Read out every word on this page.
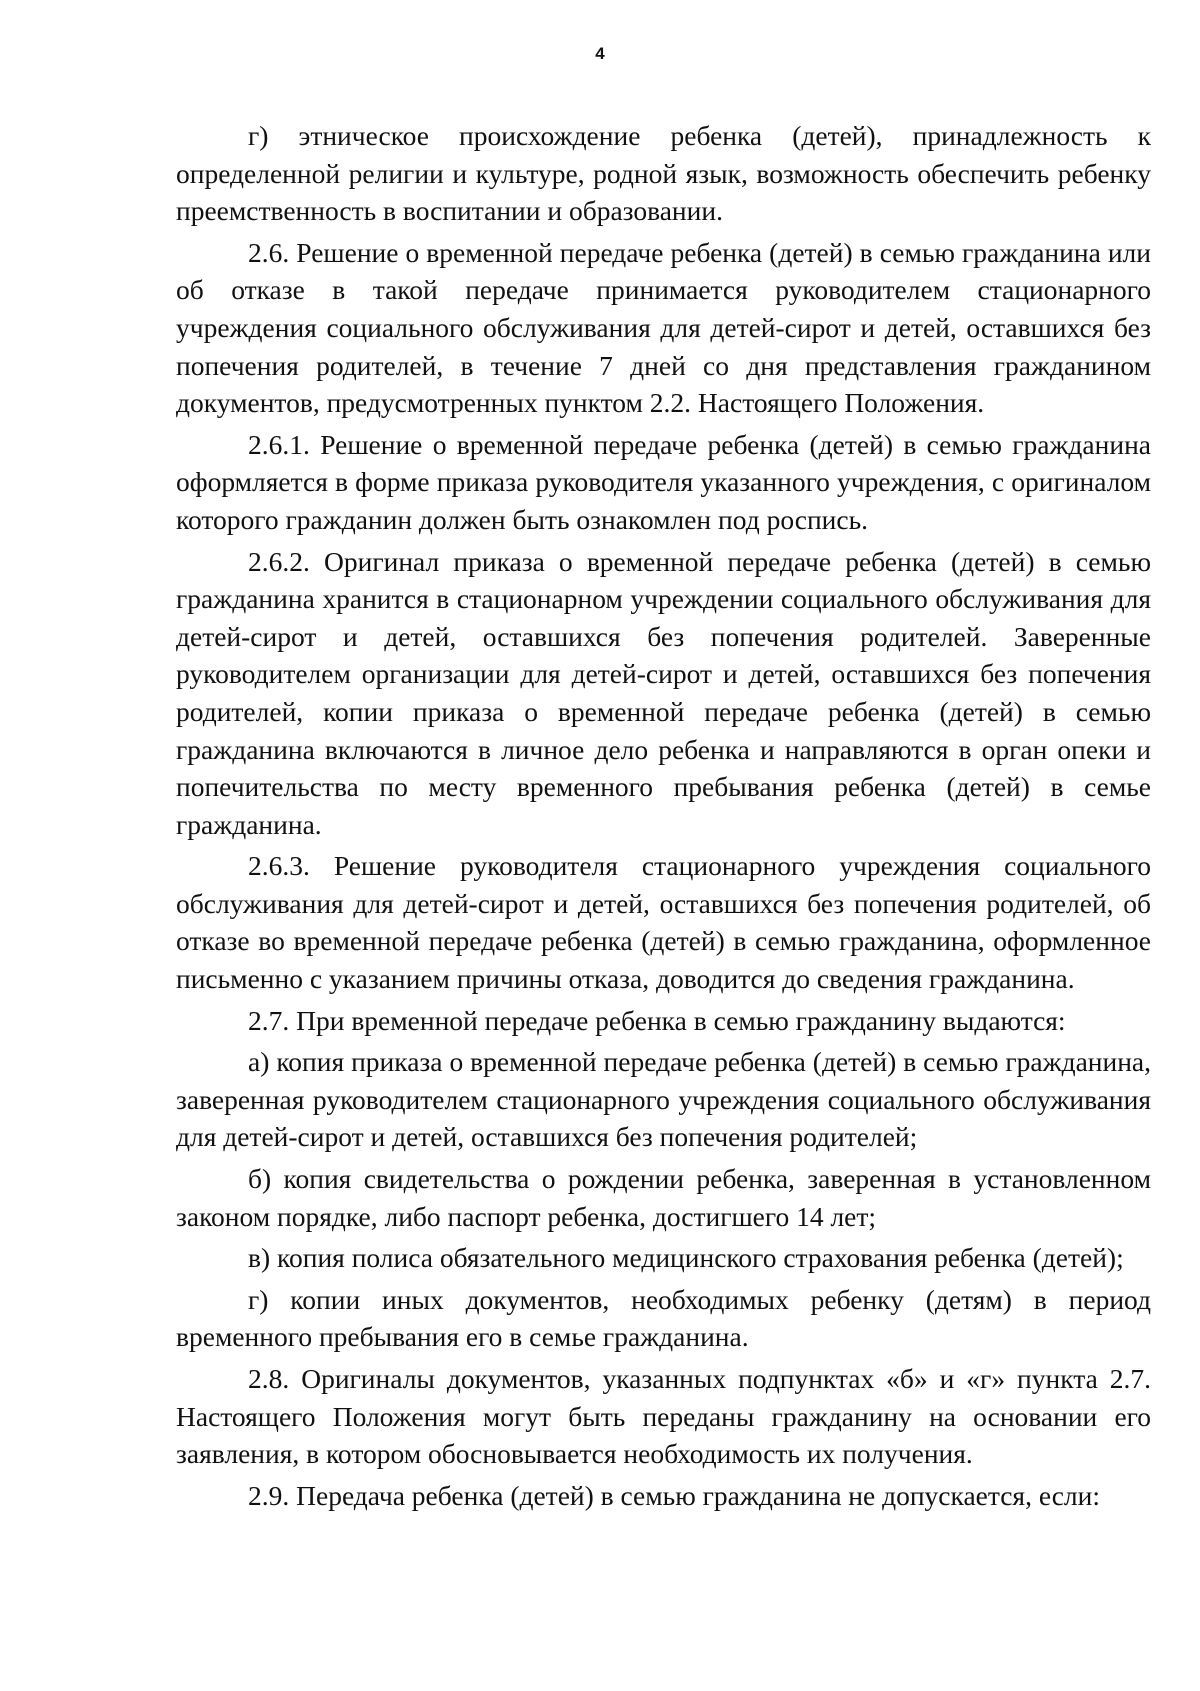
4

г) этническое происхождение ребенка (детей), принадлежность к определенной религии и культуре, родной язык, возможность обеспечить ребенку преемственность в воспитании и образовании.

2.6. Решение о временной передаче ребенка (детей) в семью гражданина или об отказе в такой передаче принимается руководителем стационарного учреждения социального обслуживания для детей-сирот и детей, оставшихся без попечения родителей, в течение 7 дней со дня представления гражданином документов, предусмотренных пунктом 2.2. Настоящего Положения.

2.6.1. Решение о временной передаче ребенка (детей) в семью гражданина оформляется в форме приказа руководителя указанного учреждения, с оригиналом которого гражданин должен быть ознакомлен под роспись.

2.6.2. Оригинал приказа о временной передаче ребенка (детей) в семью гражданина хранится в стационарном учреждении социального обслуживания для детей-сирот и детей, оставшихся без попечения родителей. Заверенные руководителем организации для детей-сирот и детей, оставшихся без попечения родителей, копии приказа о временной передаче ребенка (детей) в семью гражданина включаются в личное дело ребенка и направляются в орган опеки и попечительства по месту временного пребывания ребенка (детей) в семье гражданина.

2.6.3. Решение руководителя стационарного учреждения социального обслуживания для детей-сирот и детей, оставшихся без попечения родителей, об отказе во временной передаче ребенка (детей) в семью гражданина, оформленное письменно с указанием причины отказа, доводится до сведения гражданина.

2.7. При временной передаче ребенка в семью гражданину выдаются:

а) копия приказа о временной передаче ребенка (детей) в семью гражданина, заверенная руководителем стационарного учреждения социального обслуживания для детей-сирот и детей, оставшихся без попечения родителей;

б) копия свидетельства о рождении ребенка, заверенная в установленном законом порядке, либо паспорт ребенка, достигшего 14 лет;

в) копия полиса обязательного медицинского страхования ребенка (детей);

г) копии иных документов, необходимых ребенку (детям) в период временного пребывания его в семье гражданина.

2.8. Оригиналы документов, указанных подпунктах «б» и «г» пункта 2.7. Настоящего Положения могут быть переданы гражданину на основании его заявления, в котором обосновывается необходимость их получения.

2.9. Передача ребенка (детей) в семью гражданина не допускается, если:
